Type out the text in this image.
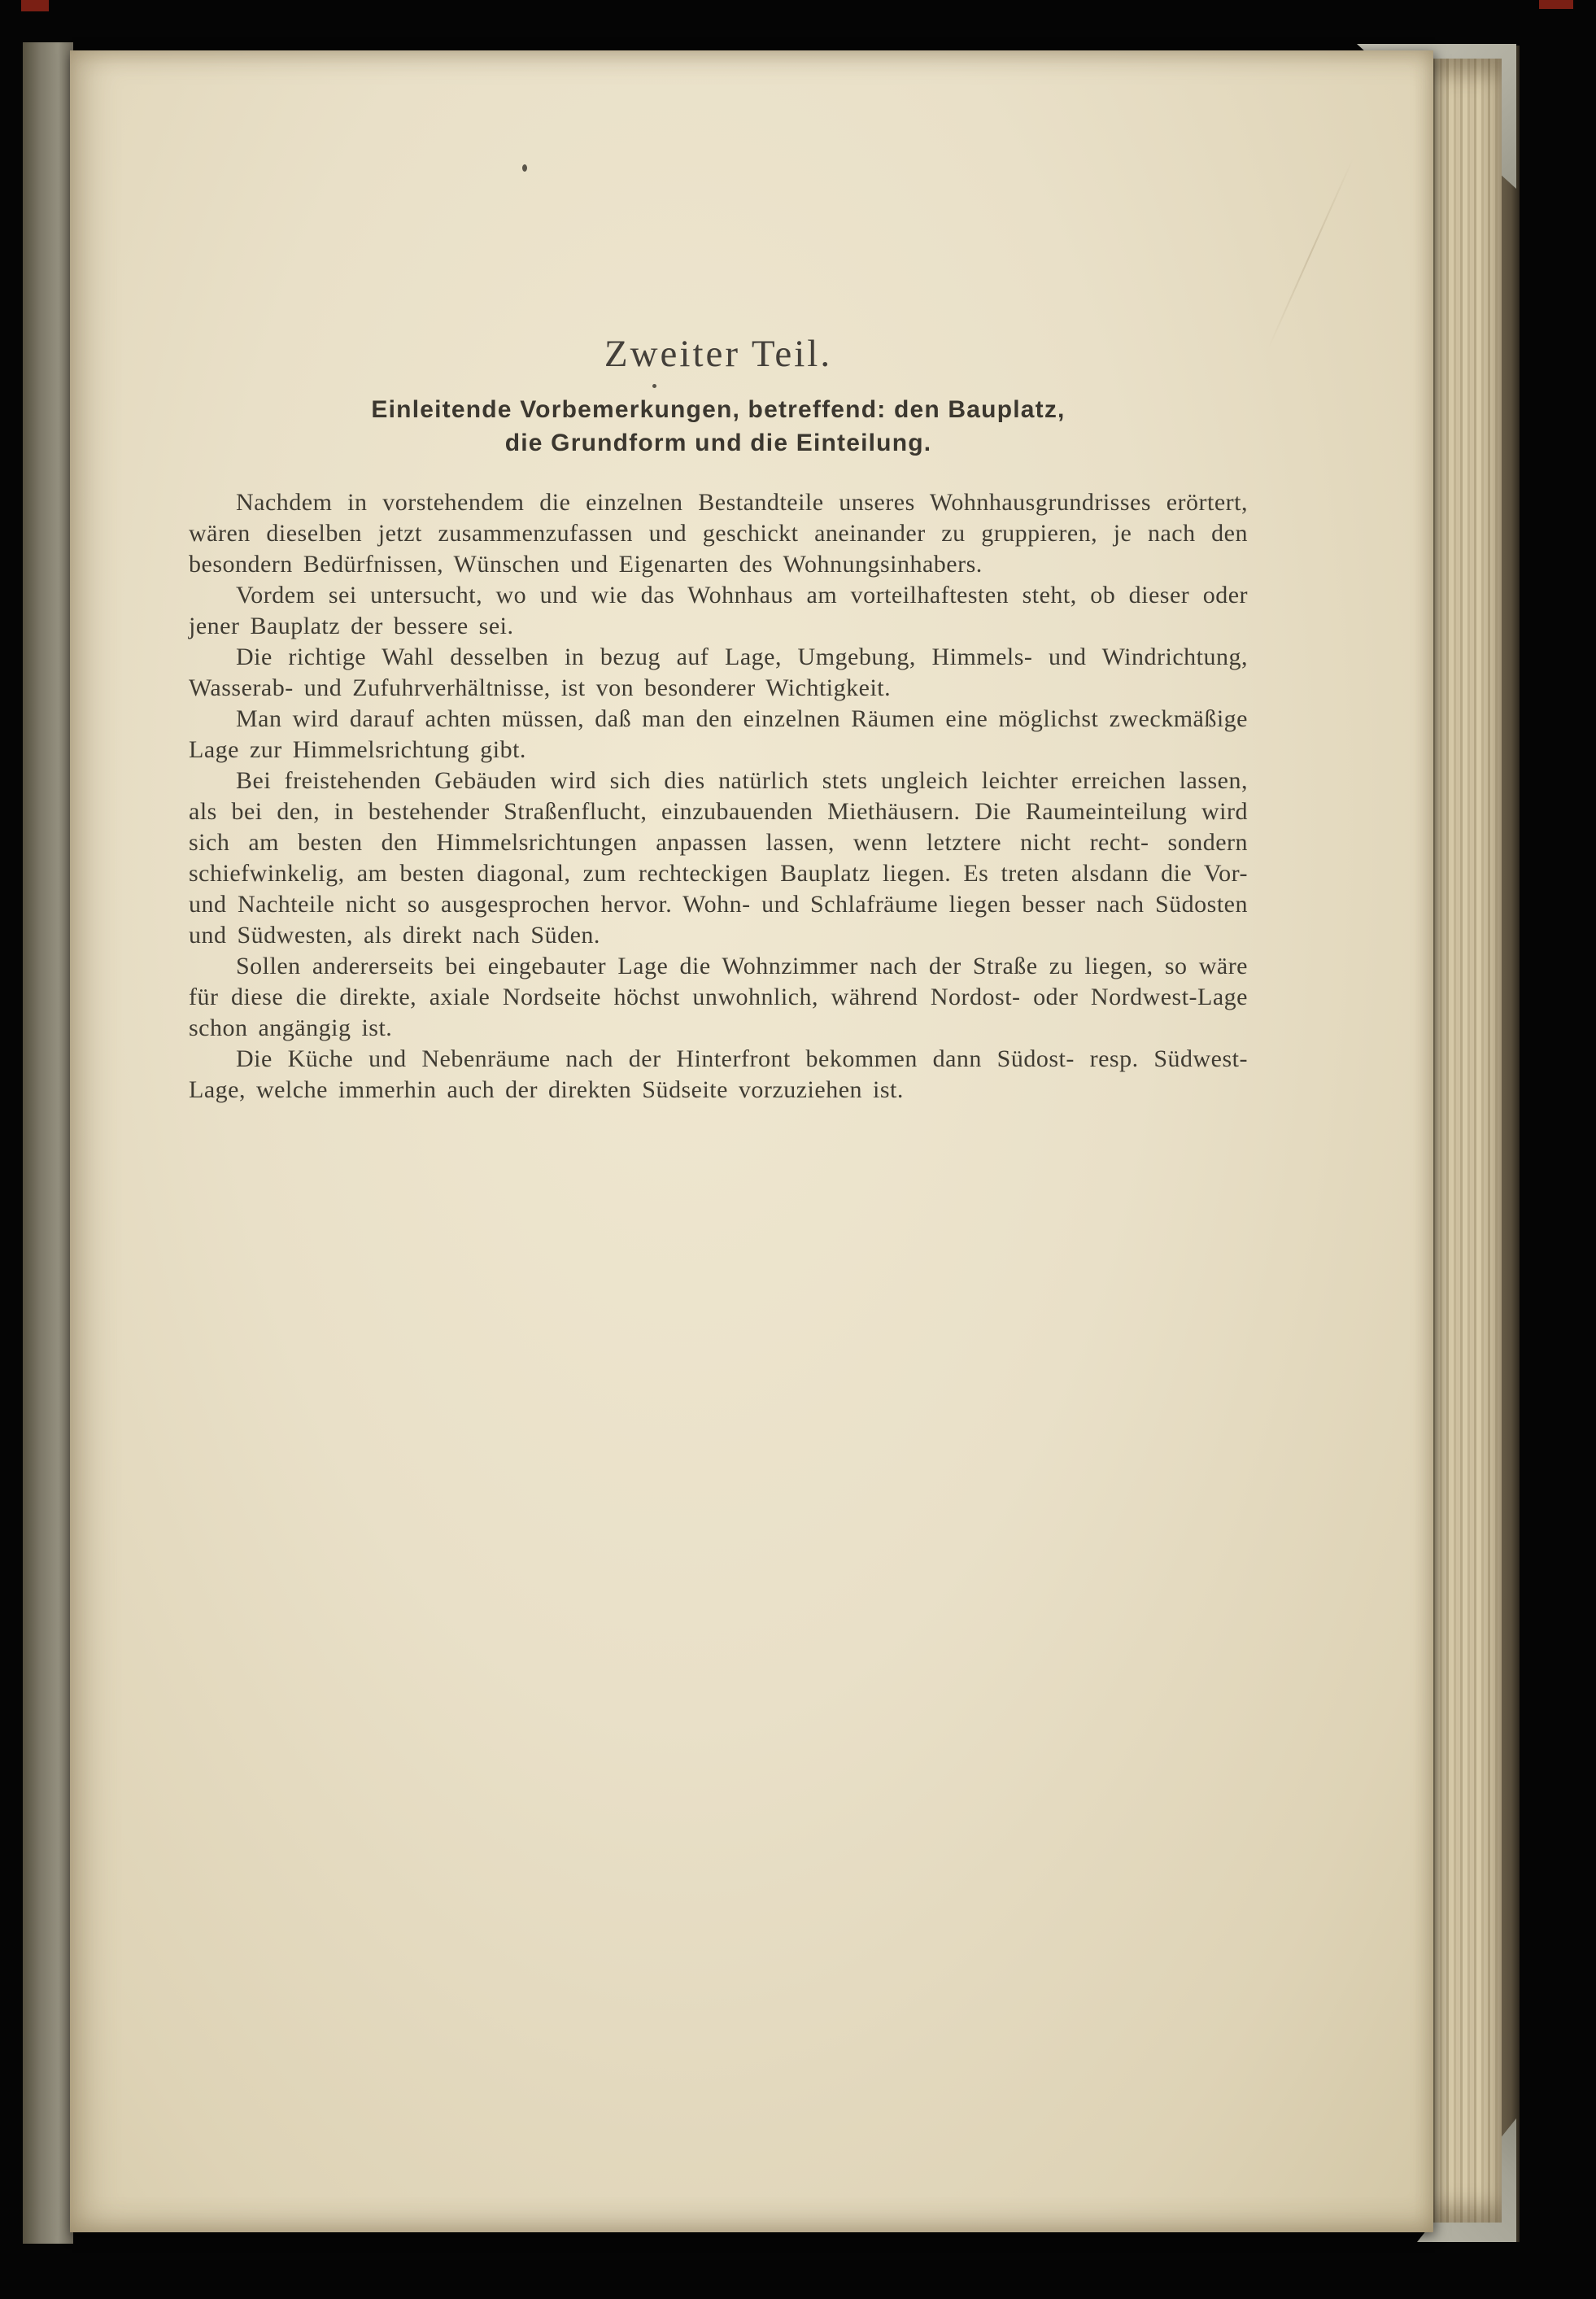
Zweiter Teil.
Einleitende Vorbemerkungen, betreffend: den Bauplatz,
die Grundform und die Einteilung.

Nachdem in vorstehendem die einzelnen Bestandteile unseres Wohnhausgrundrisses erörtert, wären dieselben jetzt zusammenzufassen und geschickt aneinander zu gruppieren, je nach den besondern Bedürfnissen, Wünschen und Eigenarten des Wohnungsinhabers.

Vordem sei untersucht, wo und wie das Wohnhaus am vorteilhaftesten steht, ob dieser oder jener Bauplatz der bessere sei.

Die richtige Wahl desselben in bezug auf Lage, Umgebung, Himmels- und Windrichtung, Wasserab- und Zufuhrverhältnisse, ist von besonderer Wichtigkeit.

Man wird darauf achten müssen, daß man den einzelnen Räumen eine möglichst zweckmäßige Lage zur Himmelsrichtung gibt.

Bei freistehenden Gebäuden wird sich dies natürlich stets ungleich leichter erreichen lassen, als bei den, in bestehender Straßenflucht, einzubauenden Miethäusern. Die Raumeinteilung wird sich am besten den Himmelsrichtungen anpassen lassen, wenn letztere nicht recht- sondern schiefwinkelig, am besten diagonal, zum rechteckigen Bauplatz liegen. Es treten alsdann die Vor- und Nachteile nicht so ausgesprochen hervor. Wohn- und Schlafräume liegen besser nach Südosten und Südwesten, als direkt nach Süden.

Sollen andererseits bei eingebauter Lage die Wohnzimmer nach der Straße zu liegen, so wäre für diese die direkte, axiale Nordseite höchst unwohnlich, während Nordost- oder Nordwest-Lage schon angängig ist.

Die Küche und Nebenräume nach der Hinterfront bekommen dann Südost- resp. Südwest-Lage, welche immerhin auch der direkten Südseite vorzuziehen ist.
